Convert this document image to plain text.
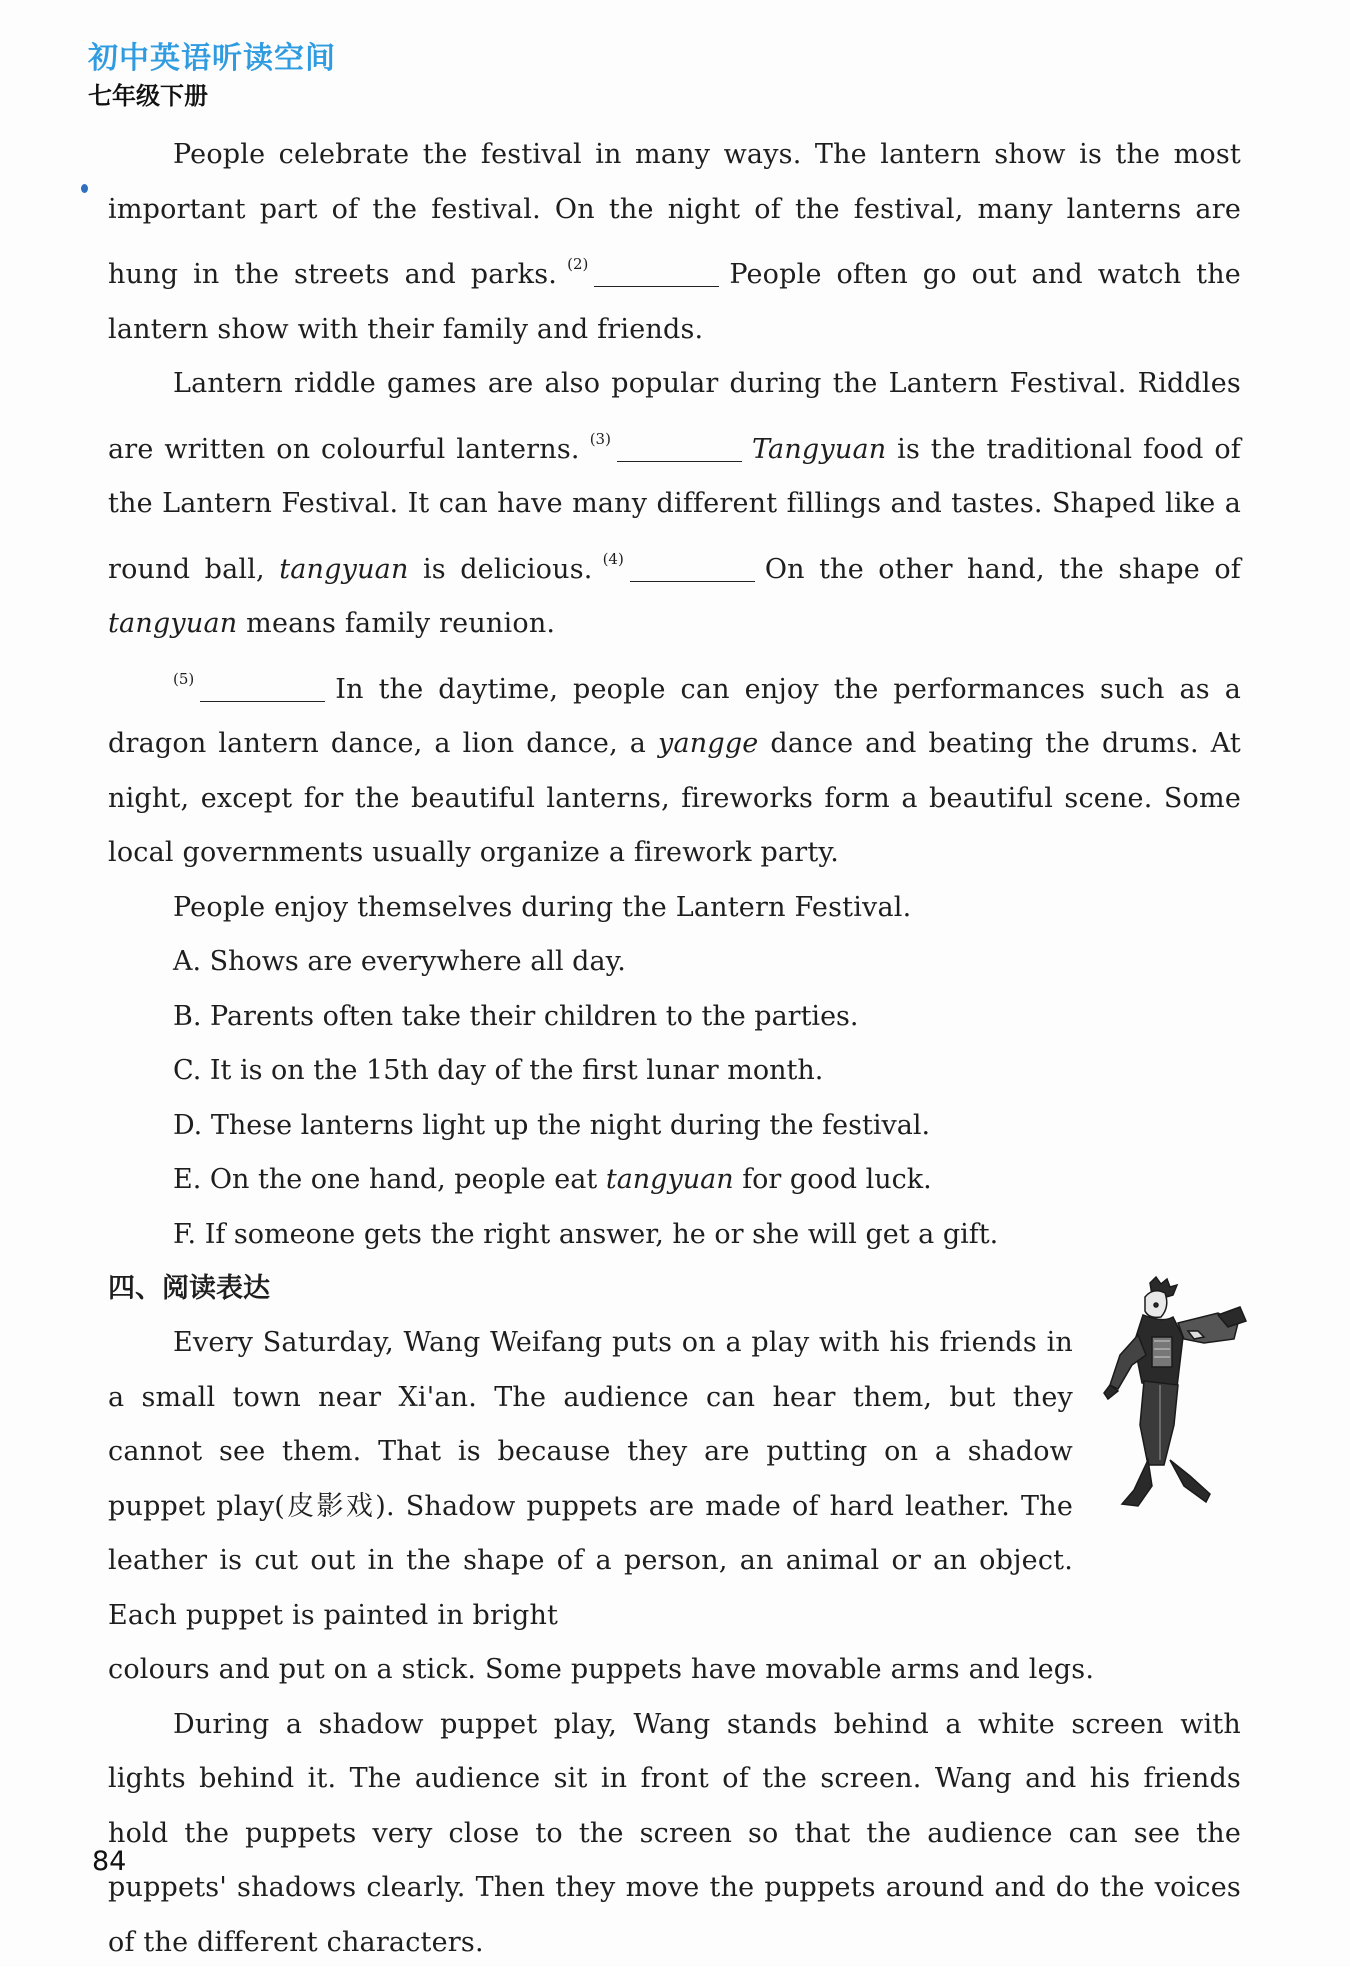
初中英语听读空间
七年级下册

People celebrate the festival in many ways. The lantern show is the most important part of the festival. On the night of the festival, many lanterns are hung in the streets and parks. $^{(2)}$	People often go out and watch the lantern show with their family and friends.

Lantern riddle games are also popular during the Lantern Festival. Riddles are written on colourful lanterns. $^{(3)}$	Tangyuan is the traditional food of the Lantern Festival. It can have many different fillings and tastes. Shaped like a round ball, tangyuan is delicious. $^{(4)}$	On the other hand, the shape of tangyuan means family reunion.

$^{(5)}$	In the daytime, people can enjoy the performances such as a dragon lantern dance, a lion dance, a yangge dance and beating the drums. At night, except for the beautiful lanterns, fireworks form a beautiful scene. Some local governments usually organize a firework party.

People enjoy themselves during the Lantern Festival.

A. Shows are everywhere all day.
B. Parents often take their children to the parties.
C. It is on the 15th day of the first lunar month.
D. These lanterns light up the night during the festival.
E. On the one hand, people eat tangyuan for good luck.
F. If someone gets the right answer, he or she will get a gift.
四、阅读表达

Every Saturday, Wang Weifang puts on a play with his friends in a small town near Xi'an. The audience can hear them, but they cannot see them. That is because they are putting on a shadow puppet play(皮影戏). Shadow puppets are made of hard leather. The leather is cut out in the shape of a person, an animal or an object. Each puppet is painted in bright

colours and put on a stick. Some puppets have movable arms and legs.

During a shadow puppet play, Wang stands behind a white screen with lights behind it. The audience sit in front of the screen. Wang and his friends hold the puppets very close to the screen so that the audience can see the puppets' shadows clearly. Then they move the puppets around and do the voices of the different characters.

84
